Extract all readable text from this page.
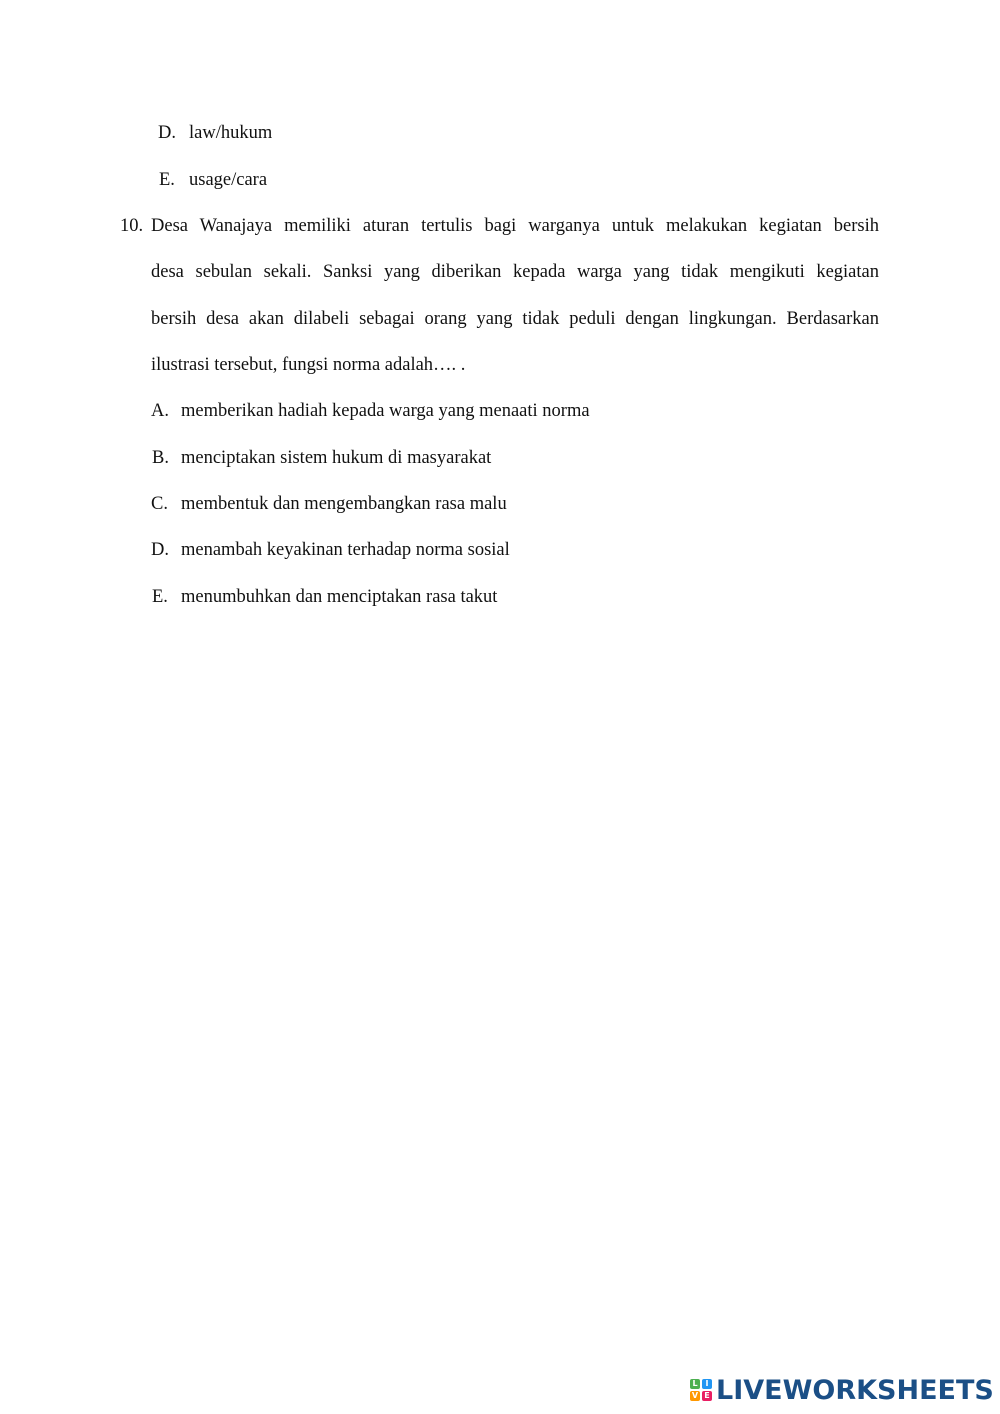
D. law/hukum
E. usage/cara
10. Desa Wanajaya memiliki aturan tertulis bagi warganya untuk melakukan kegiatan bersih
desa sebulan sekali. Sanksi yang diberikan kepada warga yang tidak mengikuti kegiatan
bersih desa akan dilabeli sebagai orang yang tidak peduli dengan lingkungan. Berdasarkan
ilustrasi tersebut, fungsi norma adalah…. .
A. memberikan hadiah kepada warga yang menaati norma
B. menciptakan sistem hukum di masyarakat
C. membentuk dan mengembangkan rasa malu
D. menambah keyakinan terhadap norma sosial
E. menumbuhkan dan menciptakan rasa takut
L I
V E LIVEWORKSHEETS
